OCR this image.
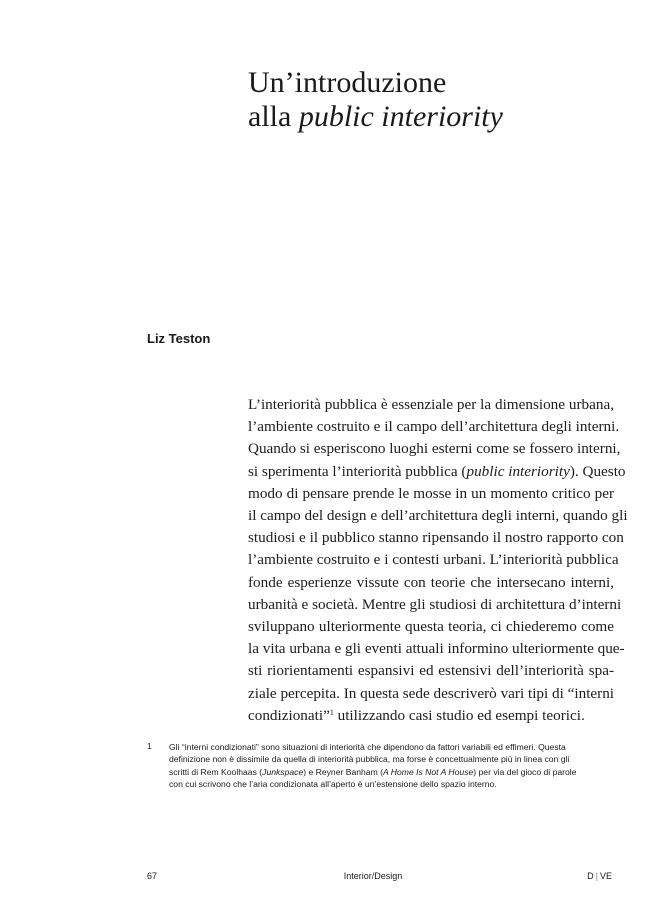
Un’introduzione
alla public interiority
Liz Teston
L’interiorità pubblica è essenziale per la dimensione urbana,
l’ambiente costruito e il campo dell’architettura degli interni.
Quando si esperiscono luoghi esterni come se fossero interni,
si sperimenta l’interiorità pubblica (public interiority). Questo
modo di pensare prende le mosse in un momento critico per
il campo del design e dell’architettura degli interni, quando gli
studiosi e il pubblico stanno ripensando il nostro rapporto con
l’ambiente costruito e i contesti urbani. L’interiorità pubblica
fonde esperienze vissute con teorie che intersecano interni,
urbanità e società. Mentre gli studiosi di architettura d’interni
sviluppano ulteriormente questa teoria, ci chiederemo come
la vita urbana e gli eventi attuali informino ulteriormente que-
sti riorientamenti espansivi ed estensivi dell’interiorità spa-
ziale percepita. In questa sede descriverò vari tipi di “interni
condizionati”$^1$ utilizzando casi studio ed esempi teorici.
1 Gli “interni condizionati” sono situazioni di interiorità che dipendono da fattori variabili ed effimeri. Questa
definizione non è dissimile da quella di interiorità pubblica, ma forse è concettualmente più in linea con gli
scritti di Rem Koolhaas (Junkspace) e Reyner Banham (A Home Is Not A House) per via del gioco di parole
con cui scrivono che l’aria condizionata all’aperto è un’estensione dello spazio interno.
67	Interior/Design	D | VE
